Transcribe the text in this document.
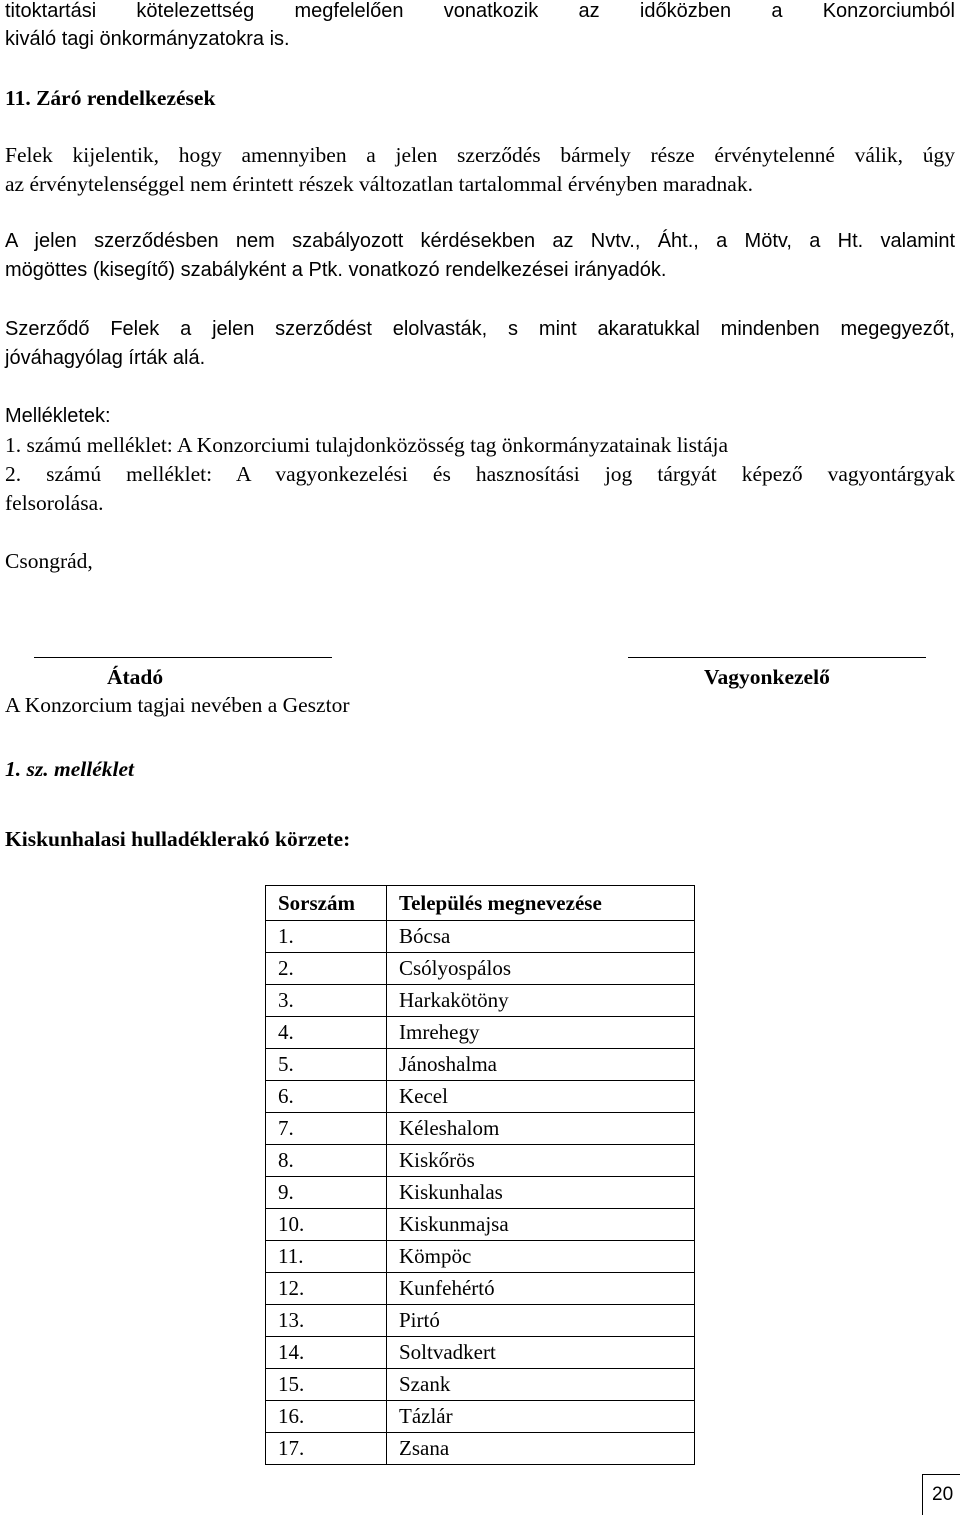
titoktartási kötelezettség megfelelően vonatkozik az időközben a Konzorciumból
kiváló tagi önkormányzatokra is.
11. Záró rendelkezések
Felek kijelentik, hogy amennyiben a jelen szerződés bármely része érvénytelenné válik, úgy
az érvénytelenséggel nem érintett részek változatlan tartalommal érvényben maradnak.
A jelen szerződésben nem szabályozott kérdésekben az Nvtv., Áht., a Mötv, a Ht. valamint
mögöttes (kisegítő) szabályként a Ptk. vonatkozó rendelkezései irányadók.
Szerződő Felek a jelen szerződést elolvasták, s mint akaratukkal mindenben megegyezőt,
jóváhagyólag írták alá.
Mellékletek:
1. számú melléklet: A Konzorciumi tulajdonközösség tag önkormányzatainak listája
2. számú melléklet: A vagyonkezelési és hasznosítási jog tárgyát képező vagyontárgyak
felsorolása.
Csongrád,
Átadó	Vagyonkezelő
A Konzorcium tagjai nevében a Gesztor
1. sz. melléklet
Kiskunhalasi hulladéklerakó körzete:
Sorszám	Település megnevezése
1.	Bócsa
2.	Csólyospálos
3.	Harkakötöny
4.	Imrehegy
5.	Jánoshalma
6.	Kecel
7.	Kéleshalom
8.	Kiskőrös
9.	Kiskunhalas
10.	Kiskunmajsa
11.	Kömpöc
12.	Kunfehértó
13.	Pirtó
14.	Soltvadkert
15.	Szank
16.	Tázlár
17.	Zsana
20
